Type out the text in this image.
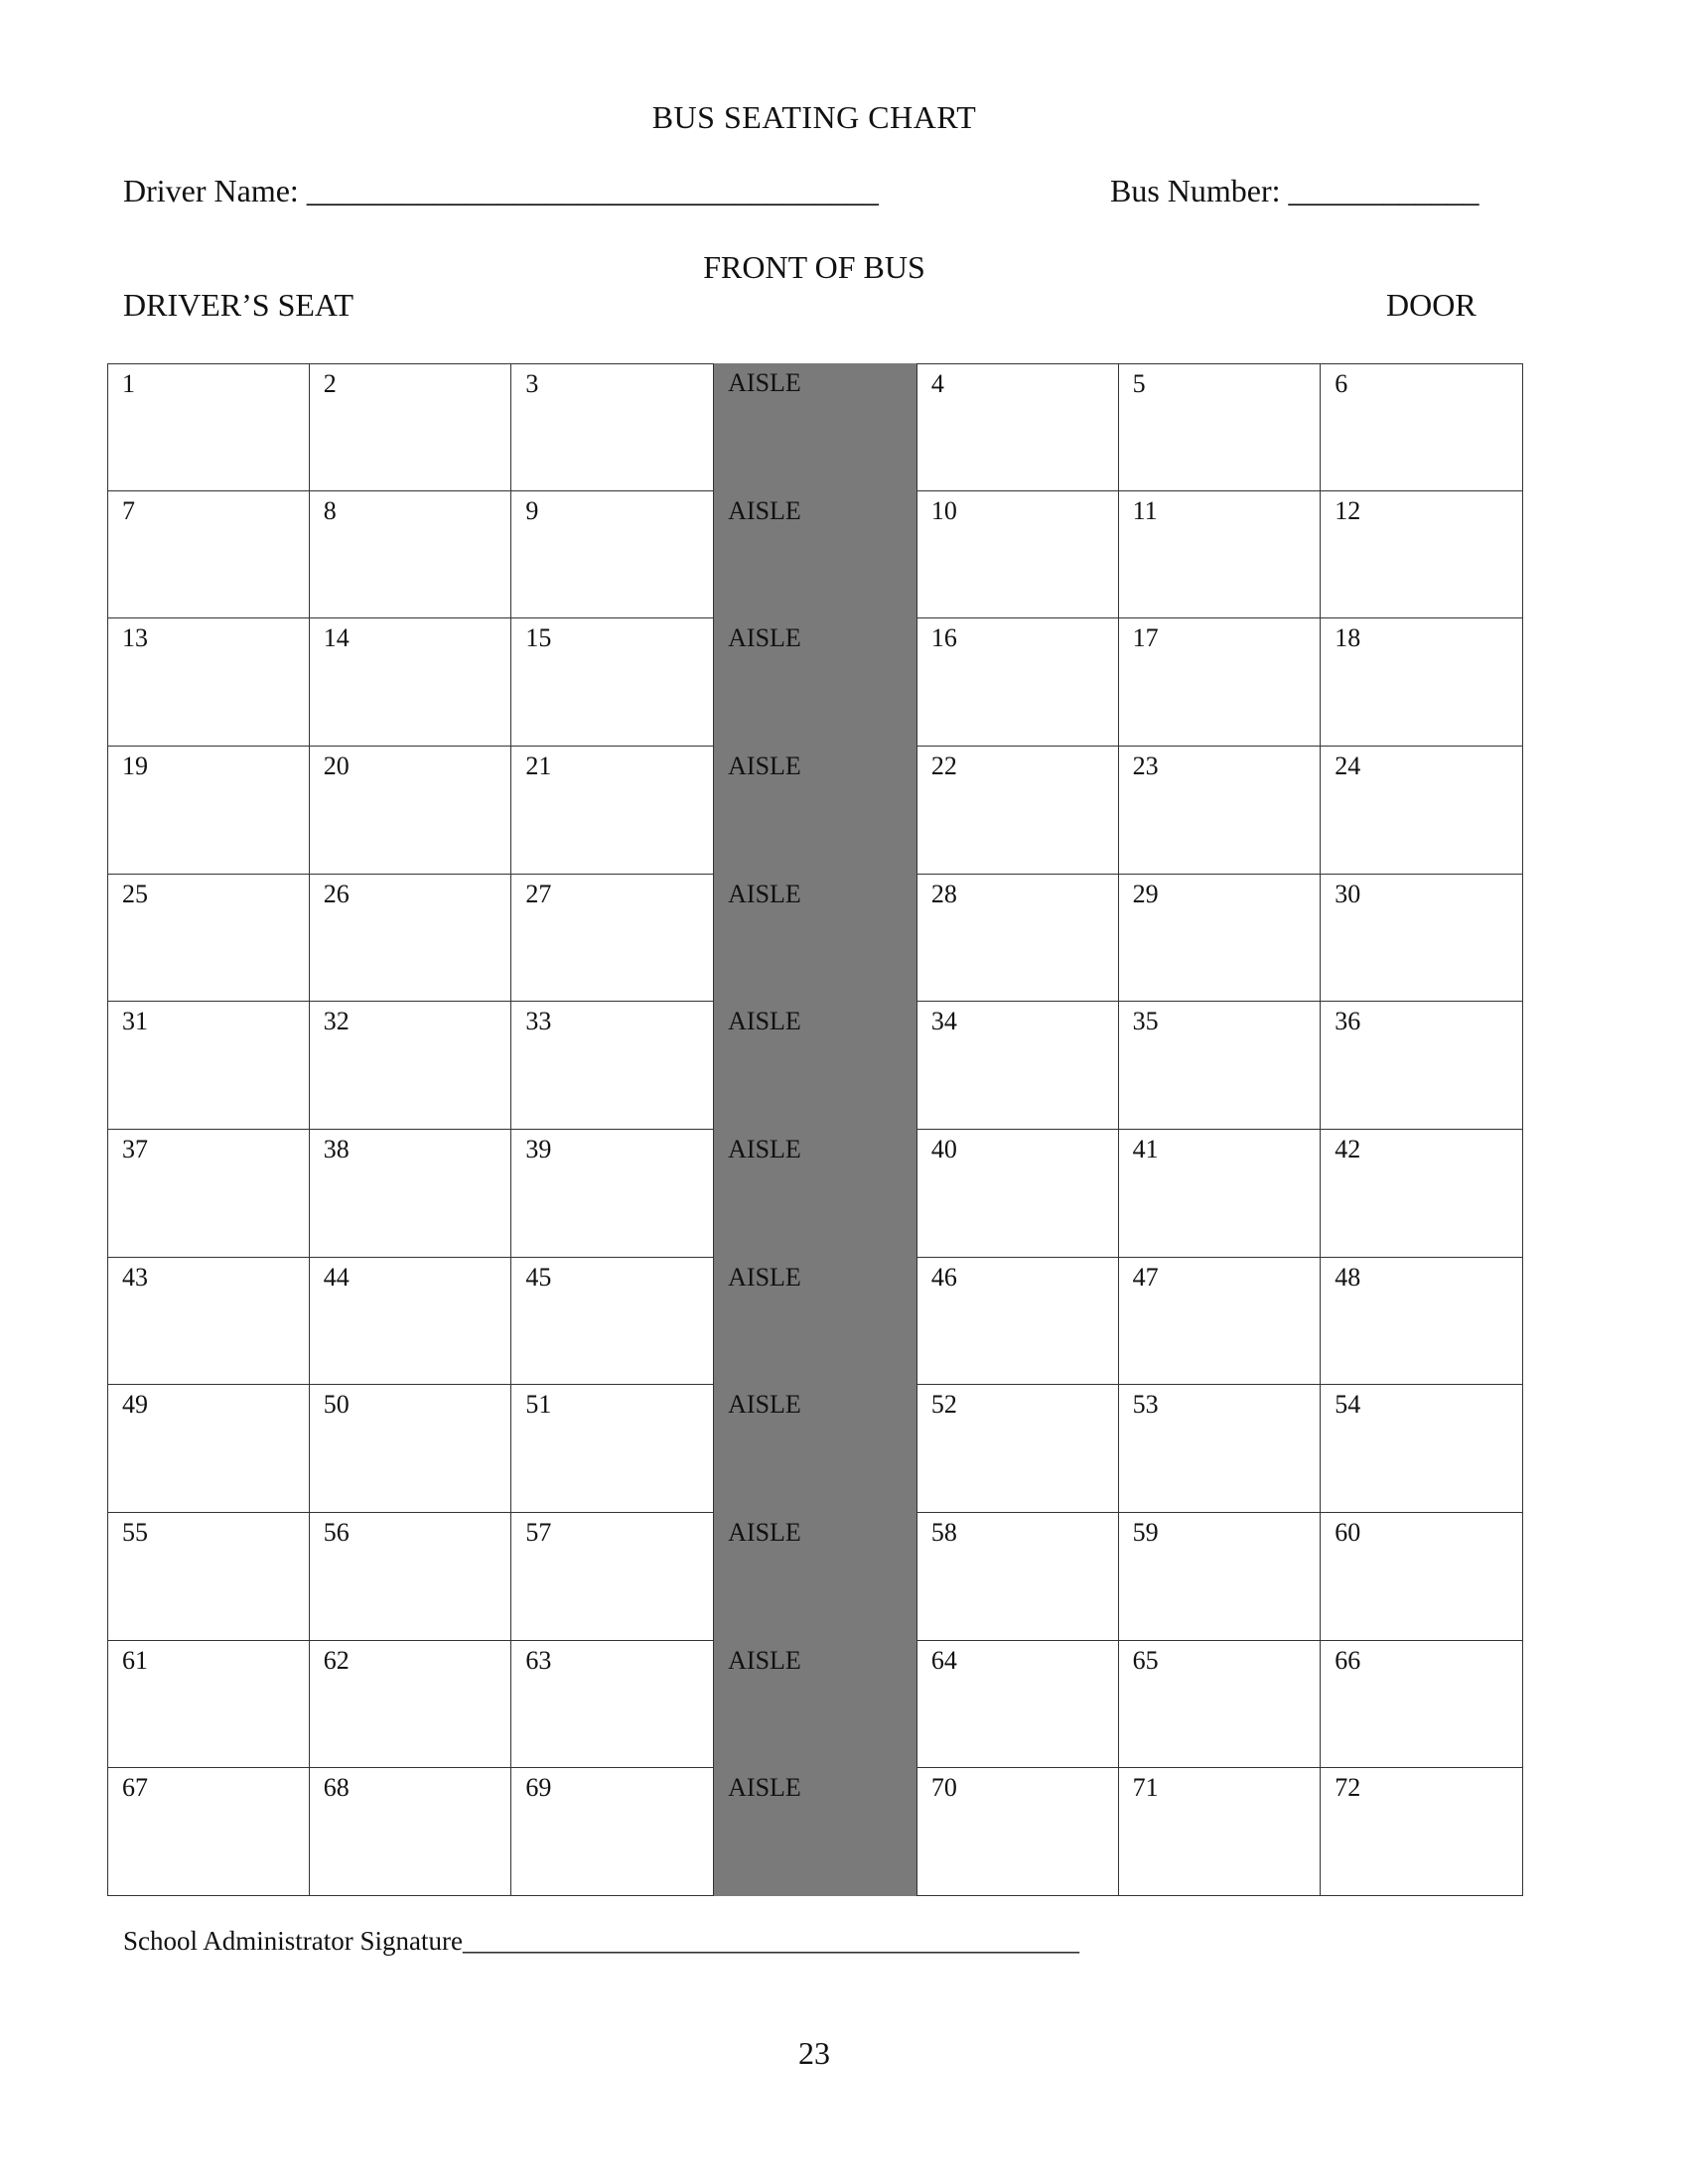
BUS SEATING CHART
Driver Name: ____________________________________	Bus Number: ____________
FRONT OF BUS
DRIVER’S SEAT	DOOR
1	2	3	AISLE	4	5	6
7	8	9	AISLE	10	11	12
13	14	15	AISLE	16	17	18
19	20	21	AISLE	22	23	24
25	26	27	AISLE	28	29	30
31	32	33	AISLE	34	35	36
37	38	39	AISLE	40	41	42
43	44	45	AISLE	46	47	48
49	50	51	AISLE	52	53	54
55	56	57	AISLE	58	59	60
61	62	63	AISLE	64	65	66
67	68	69	AISLE	70	71	72
School Administrator Signature______________________________________________
23
